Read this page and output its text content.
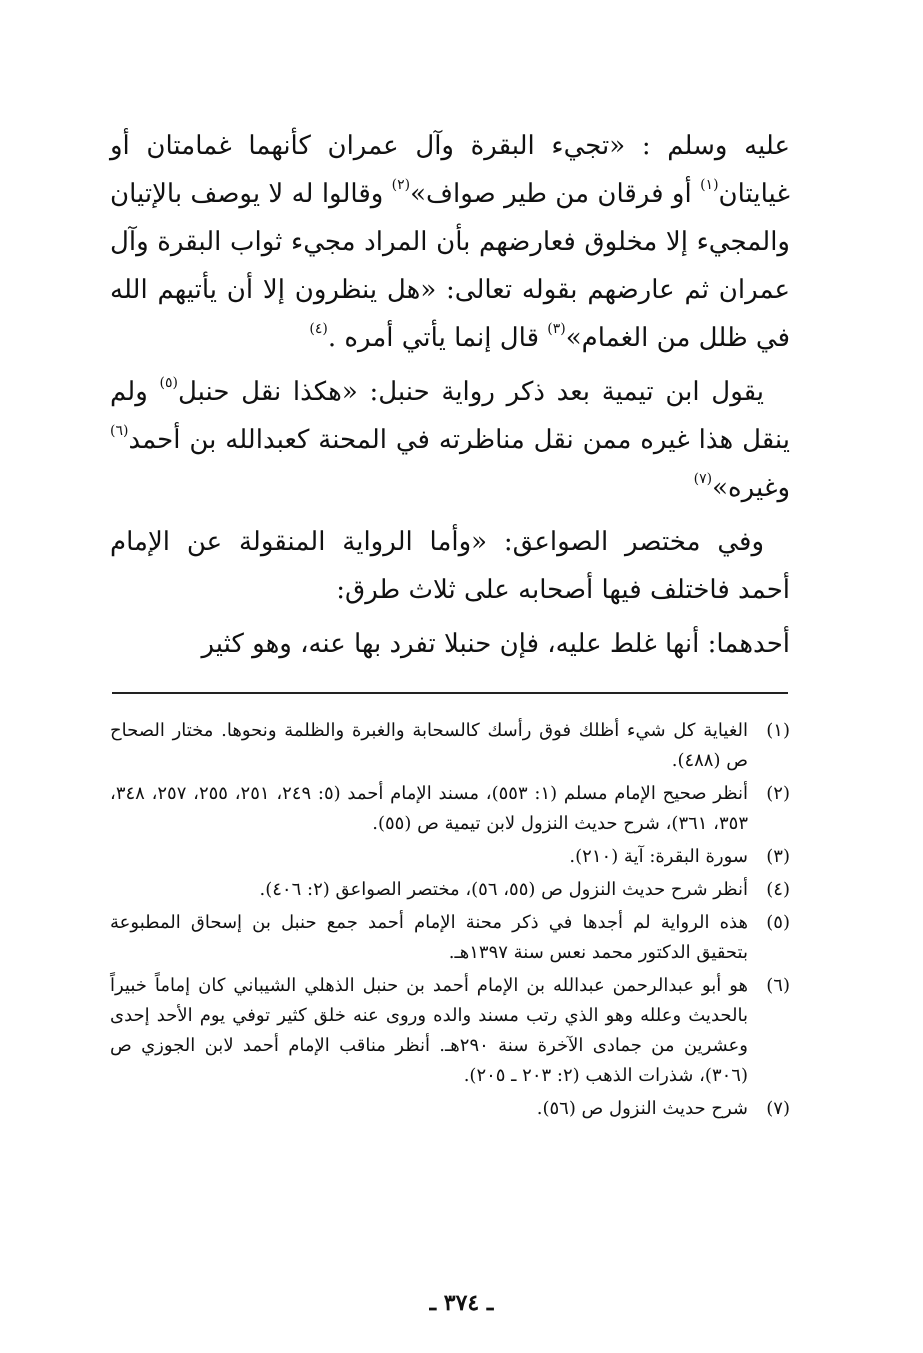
عليه وسلم : «تجيء البقرة وآل عمران كأنهما غمامتان أو غيايتان$^{(١)}$ أو فرقان من طير صواف»$^{(٢)}$ وقالوا له لا يوصف بالإتيان والمجيء إلا مخلوق فعارضهم بأن المراد مجيء ثواب البقرة وآل عمران ثم عارضهم بقوله تعالى: «هل ينظرون إلا أن يأتيهم الله في ظلل من الغمام»$^{(٣)}$ قال إنما يأتي أمره .$^{(٤)}$

يقول ابن تيمية بعد ذكر رواية حنبل: «هكذا نقل حنبل$^{(٥)}$ ولم ينقل هذا غيره ممن نقل مناظرته في المحنة كعبدالله بن أحمد$^{(٦)}$ وغيره»$^{(٧)}$

وفي مختصر الصواعق: «وأما الرواية المنقولة عن الإمام أحمد فاختلف فيها أصحابه على ثلاث طرق:

أحدهما: أنها غلط عليه، فإن حنبلا تفرد بها عنه، وهو كثير

(١)
الغياية كل شيء أظلك فوق رأسك كالسحابة والغبرة والظلمة ونحوها. مختار الصحاح ص (٤٨٨).
(٢)
أنظر صحيح الإمام مسلم (١: ٥٥٣)، مسند الإمام أحمد (٥: ٢٤٩، ٢٥١، ٢٥٥، ٢٥٧، ٣٤٨، ٣٥٣، ٣٦١)، شرح حديث النزول لابن تيمية ص (٥٥).
(٣)
سورة البقرة: آية (٢١٠).
(٤)
أنظر شرح حديث النزول ص (٥٥، ٥٦)، مختصر الصواعق (٢: ٤٠٦).
(٥)
هذه الرواية لم أجدها في ذكر محنة الإمام أحمد جمع حنبل بن إسحاق المطبوعة بتحقيق الدكتور محمد نعس سنة ١٣٩٧هـ.
(٦)
هو أبو عبدالرحمن عبدالله بن الإمام أحمد بن حنبل الذهلي الشيباني كان إماماً خبيراً بالحديث وعلله وهو الذي رتب مسند والده وروى عنه خلق كثير توفي يوم الأحد إحدى وعشرين من جمادى الآخرة سنة ٢٩٠هـ. أنظر مناقب الإمام أحمد لابن الجوزي ص (٣٠٦)، شذرات الذهب (٢: ٢٠٣ ـ ٢٠٥).
(٧)
شرح حديث النزول ص (٥٦).
ـ ٣٧٤ ـ
